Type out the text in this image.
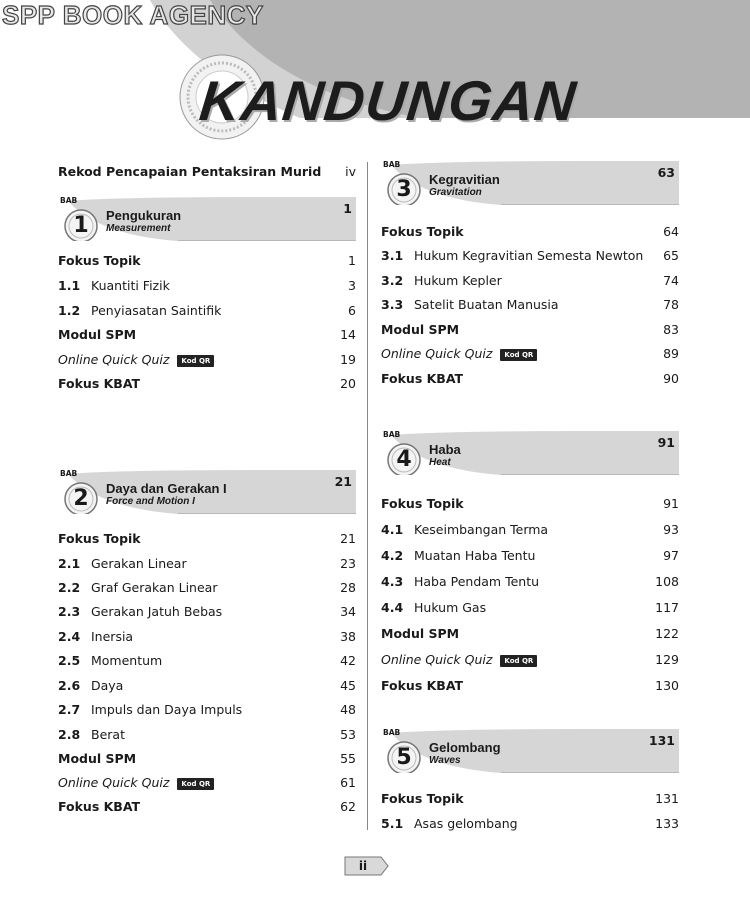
SPP BOOK AGENCY
KANDUNGAN
Rekod Pencapaian Pentaksiran Murid iv
BAB
1	Pengukuran
Measurement
1
Fokus Topik	1
1.1 Kuantiti Fizik	3
1.2 Penyiasatan Saintifik	6
Modul SPM	14
Online Quick Quiz Kod QR	19
Fokus KBAT	20
BAB
2	Daya dan Gerakan I
Force and Motion I
21
Fokus Topik	21
2.1 Gerakan Linear	23
2.2 Graf Gerakan Linear	28
2.3 Gerakan Jatuh Bebas	34
2.4 Inersia	38
2.5 Momentum	42
2.6 Daya	45
2.7 Impuls dan Daya Impuls	48
2.8 Berat	53
Modul SPM	55
Online Quick Quiz Kod QR	61
Fokus KBAT	62
BAB
3	Kegravitian
Gravitation
63
Fokus Topik	64
3.1 Hukum Kegravitian Semesta Newton 65
3.2 Hukum Kepler	74
3.3 Satelit Buatan Manusia	78
Modul SPM	83
Online Quick Quiz Kod QR	89
Fokus KBAT	90
BAB
4	Haba
Heat
91
Fokus Topik	91
4.1 Keseimbangan Terma	93
4.2 Muatan Haba Tentu	97
4.3 Haba Pendam Tentu	108
4.4 Hukum Gas	117
Modul SPM	122
Online Quick Quiz Kod QR	129
Fokus KBAT	130
BAB
5	Gelombang
Waves
131
Fokus Topik	131
5.1 Asas gelombang	133
ii
